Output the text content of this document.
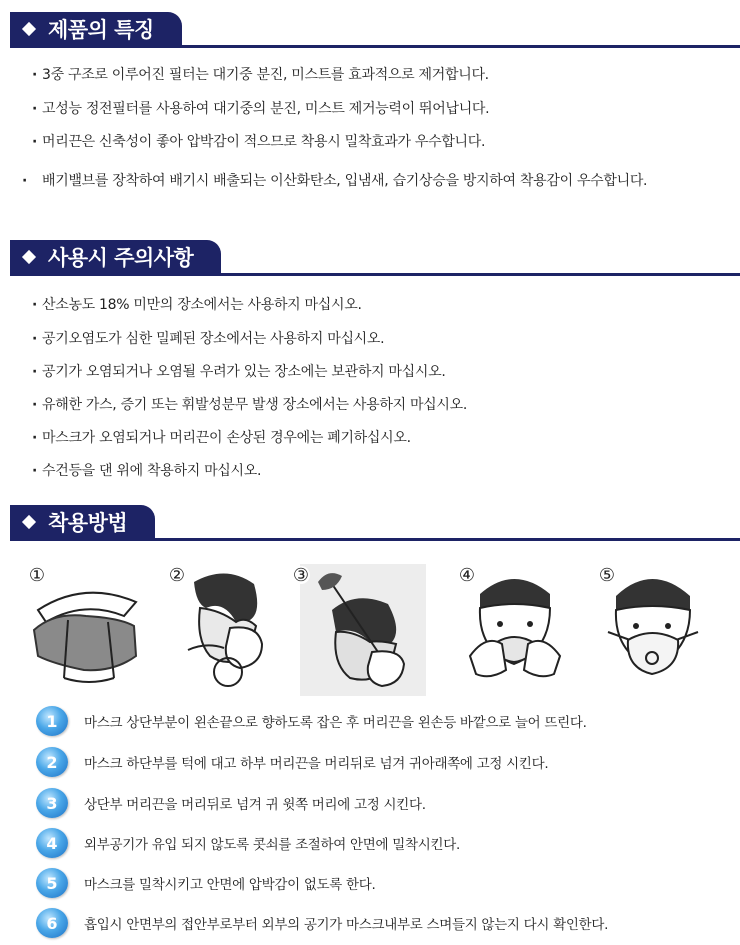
제품의 특징
· 3중 구조로 이루어진 필터는 대기중 분진, 미스트를 효과적으로 제거합니다.
· 고성능 정전필터를 사용하여 대기중의 분진, 미스트 제거능력이 뛰어납니다.
· 머리끈은 신축성이 좋아 압박감이 적으므로 착용시 밀착효과가 우수합니다.
· 배기밸브를 장착하여 배기시 배출되는 이산화탄소, 입냄새, 습기상승을 방지하여 착용감이 우수합니다.
사용시 주의사항
· 산소농도 18% 미만의 장소에서는 사용하지 마십시오.
· 공기오염도가 심한 밀폐된 장소에서는 사용하지 마십시오.
· 공기가 오염되거나 오염될 우려가 있는 장소에는 보관하지 마십시오.
· 유해한 가스, 증기 또는 휘발성분무 발생 장소에서는 사용하지 마십시오.
· 마스크가 오염되거나 머리끈이 손상된 경우에는 폐기하십시오.
· 수건등을 댄 위에 착용하지 마십시오.
착용방법
①	②	③	④	⑤
1	마스크 상단부분이 왼손끝으로 향하도록 잡은 후 머리끈을 왼손등 바깥으로 늘어 뜨린다.
2	마스크 하단부를 턱에 대고 하부 머리끈을 머리뒤로 넘겨 귀아래쪽에 고정 시킨다.
3	상단부 머리끈을 머리뒤로 넘겨 귀 윗쪽 머리에 고정 시킨다.
4	외부공기가 유입 되지 않도록 콧쇠를 조절하여 안면에 밀착시킨다.
5	마스크를 밀착시키고 안면에 압박감이 없도록 한다.
6	흡입시 안면부의 접안부로부터 외부의 공기가 마스크내부로 스며들지 않는지 다시 확인한다.
